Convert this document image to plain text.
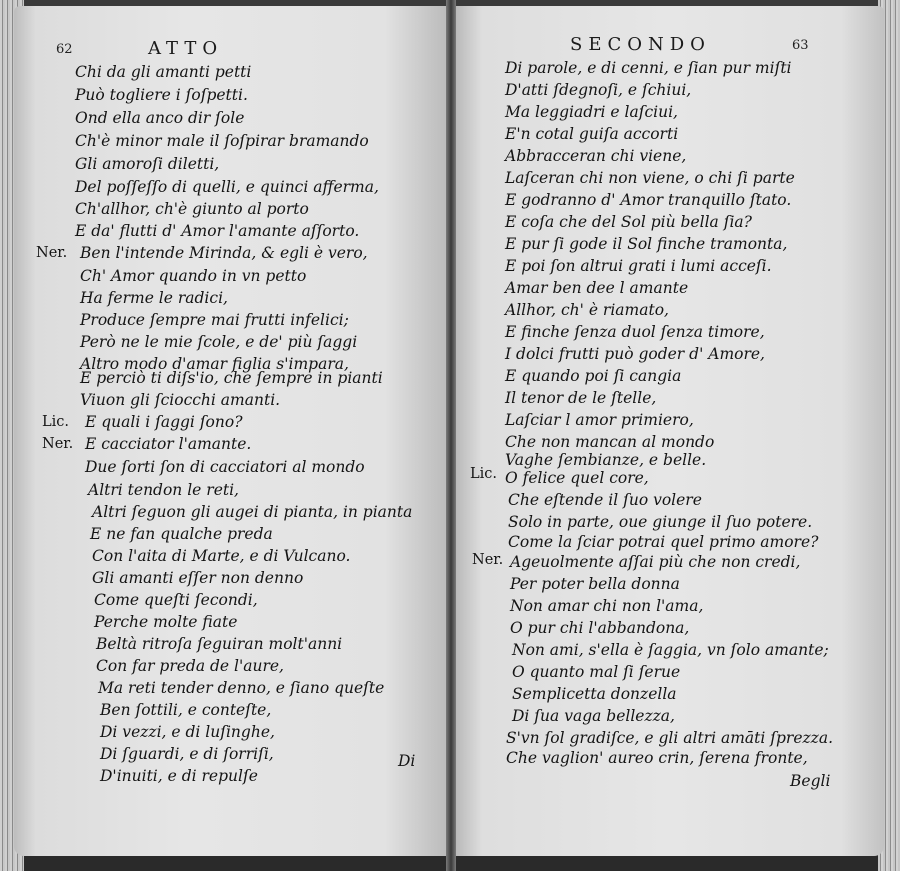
62	ATTO
Ner.
Lic.
Ner.
Chi da gli amanti petti
Può togliere i ſoſpetti.
Ond ella anco dir ſole
Ch'è minor male il ſoſpirar bramando
Gli amoroſi diletti,
Del poſſeſſo di quelli, e quinci afferma,
Ch'allhor, ch'è giunto al porto
E da' flutti d' Amor l'amante aſſorto.
Ben l'intende Mirinda, & egli è vero,
Ch' Amor quando in vn petto
Ha ferme le radici,
Produce ſempre mai frutti infelici;
Però ne le mie ſcole, e de' più ſaggi
Altro modo d'amar figlia s'impara,
E perciò ti diſs'io, che ſempre in pianti
Viuon gli ſciocchi amanti.
E quali i ſaggi ſono?
E cacciator l'amante.
Due ſorti ſon di cacciatori al mondo
Altri tendon le reti,
Altri ſeguon gli augei di pianta, in pianta
E ne fan qualche preda
Con l'aita di Marte, e di Vulcano.
Gli amanti eſſer non denno
Come queſti ſecondi,
Perche molte fiate
Beltà ritroſa ſeguiran molt'anni
Con far preda de l'aure,
Ma reti tender denno, e ſiano queſte
Ben ſottili, e conteſte,
Di vezzi, e di luſinghe,
Di ſguardi, e di ſorriſi,
D'inuiti, e di repulſe
Di
SECONDO	63
Lic.
Ner.
Di parole, e di cenni, e ſian pur miſti
D'atti ſdegnoſi, e ſchiui,
Ma leggiadri e laſciui,
E'n cotal guiſa accorti
Abbracceran chi viene,
Laſceran chi non viene, o chi ſi parte
E godranno d' Amor tranquillo ſtato.
E coſa che del Sol più bella ſia?
E pur ſi gode il Sol finche tramonta,
E poi ſon altrui grati i lumi acceſi.
Amar ben dee l amante
Allhor, ch' è riamato,
E finche ſenza duol ſenza timore,
I dolci frutti può goder d' Amore,
E quando poi ſi cangia
Il tenor de le ſtelle,
Laſciar l amor primiero,
Che non mancan al mondo
Vaghe ſembianze, e belle.
O felice quel core,
Che eſtende il ſuo volere
Solo in parte, oue giunge il ſuo potere.
Come la ſciar potrai quel primo amore?
Ageuolmente aſſai più che non credi,
Per poter bella donna
Non amar chi non l'ama,
O pur chi l'abbandona,
Non ami, s'ella è ſaggia, vn ſolo amante;
O quanto mal ſi ſerue
Semplicetta donzella
Di ſua vaga bellezza,
S'vn ſol gradiſce, e gli altri amāti ſprezza.
Che vaglion' aureo crin, ſerena fronte,
Begli
